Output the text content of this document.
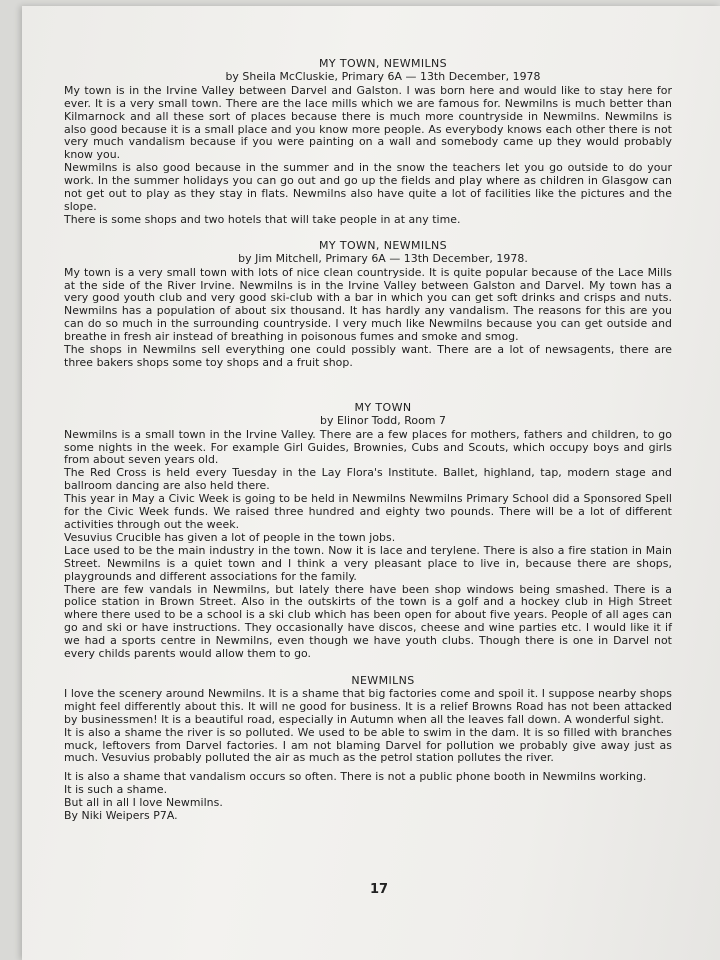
MY TOWN, NEWMILNS

by Sheila McCluskie, Primary 6A — 13th December, 1978

My town is in the Irvine Valley between Darvel and Galston. I was born here and would like to stay here for ever. It is a very small town. There are the lace mills which we are famous for. Newmilns is much better than Kilmarnock and all these sort of places because there is much more countryside in Newmilns. Newmilns is also good because it is a small place and you know more people. As everybody knows each other there is not very much vandalism because if you were painting on a wall and somebody came up they would probably know you.

Newmilns is also good because in the summer and in the snow the teachers let you go outside to do your work. In the summer holidays you can go out and go up the fields and play where as children in Glasgow can not get out to play as they stay in flats. Newmilns also have quite a lot of facilities like the pictures and the slope.

There is some shops and two hotels that will take people in at any time.

MY TOWN, NEWMILNS

by Jim Mitchell, Primary 6A — 13th December, 1978.

My town is a very small town with lots of nice clean countryside. It is quite popular because of the Lace Mills at the side of the River Irvine. Newmilns is in the Irvine Valley between Galston and Darvel. My town has a very good youth club and very good ski-club with a bar in which you can get soft drinks and crisps and nuts. Newmilns has a population of about six thousand. It has hardly any vandalism. The reasons for this are you can do so much in the surrounding countryside. I very much like Newmilns because you can get outside and breathe in fresh air instead of breathing in poisonous fumes and smoke and smog.

The shops in Newmilns sell everything one could possibly want. There are a lot of newsagents, there are three bakers shops some toy shops and a fruit shop.

MY TOWN

by Elinor Todd, Room 7

Newmilns is a small town in the Irvine Valley. There are a few places for mothers, fathers and children, to go some nights in the week. For example Girl Guides, Brownies, Cubs and Scouts, which occupy boys and girls from about seven years old.

The Red Cross is held every Tuesday in the Lay Flora's Institute. Ballet, highland, tap, modern stage and ballroom dancing are also held there.

This year in May a Civic Week is going to be held in Newmilns Newmilns Primary School did a Sponsored Spell for the Civic Week funds. We raised three hundred and eighty two pounds. There will be a lot of different activities through out the week.

Vesuvius Crucible has given a lot of people in the town jobs.

Lace used to be the main industry in the town. Now it is lace and terylene. There is also a fire station in Main Street. Newmilns is a quiet town and I think a very pleasant place to live in, because there are shops, playgrounds and different associations for the family.

There are few vandals in Newmilns, but lately there have been shop windows being smashed. There is a police station in Brown Street. Also in the outskirts of the town is a golf and a hockey club in High Street where there used to be a school is a ski club which has been open for about five years. People of all ages can go and ski or have instructions. They occasionally have discos, cheese and wine parties etc. I would like it if we had a sports centre in Newmilns, even though we have youth clubs. Though there is one in Darvel not every childs parents would allow them to go.

NEWMILNS

I love the scenery around Newmilns. It is a shame that big factories come and spoil it. I suppose nearby shops might feel differently about this. It will ne good for business. It is a relief Browns Road has not been attacked by businessmen! It is a beautiful road, especially in Autumn when all the leaves fall down. A wonderful sight.

It is also a shame the river is so polluted. We used to be able to swim in the dam. It is so filled with branches muck, leftovers from Darvel factories. I am not blaming Darvel for pollution we probably give away just as much. Vesuvius probably polluted the air as much as the petrol station pollutes the river.

It is also a shame that vandalism occurs so often. There is not a public phone booth in Newmilns working.

It is such a shame.

But all in all I love Newmilns.

By Niki Weipers P7A.

17
